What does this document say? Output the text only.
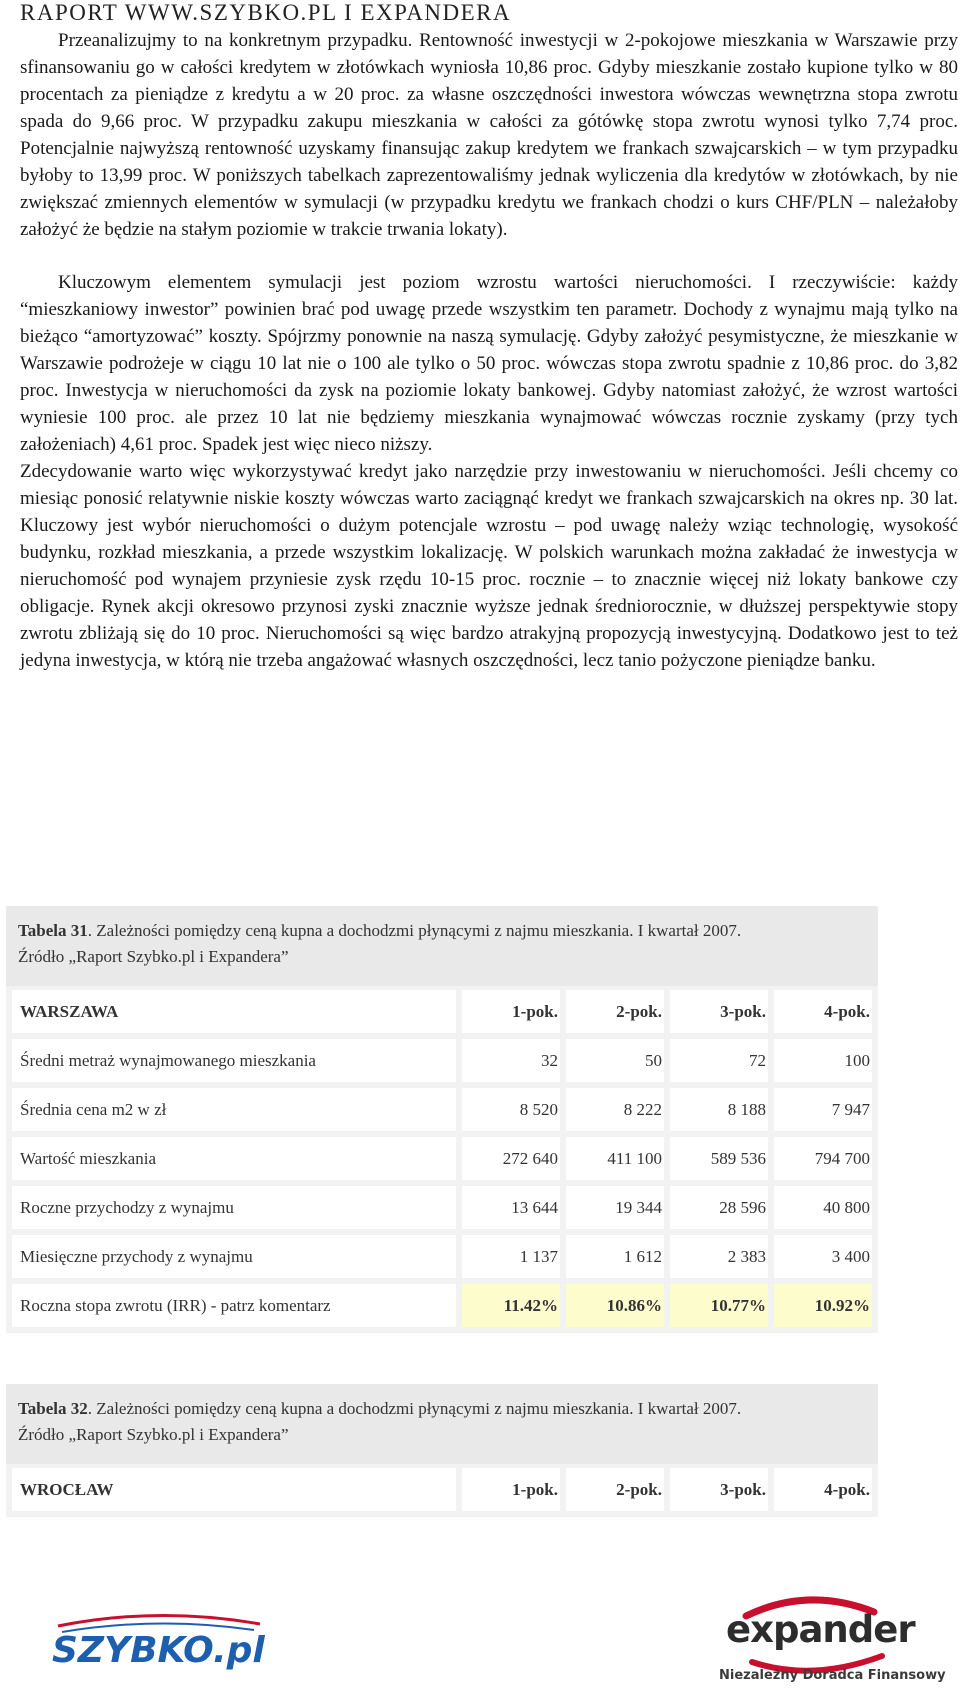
RAPORT WWW.SZYBKO.PL I EXPANDERA

Przeanalizujmy to na konkretnym przypadku. Rentowność inwestycji w 2-pokojowe mieszkania w Warszawie przy sfinansowaniu go w całości kredytem w złotówkach wyniosła 10,86 proc. Gdyby mieszkanie zostało kupione tylko w 80 procentach za pieniądze z kredytu a w 20 proc. za własne oszczędności inwestora wówczas wewnętrzna stopa zwrotu spada do 9,66 proc. W przypadku zakupu mieszkania w całości za gótówkę stopa zwrotu wynosi tylko 7,74 proc. Potencjalnie najwyższą rentowność uzyskamy finansując zakup kredytem we frankach szwajcarskich – w tym przypadku byłoby to 13,99 proc. W poniższych tabelkach zaprezentowaliśmy jednak wyliczenia dla kredytów w złotówkach, by nie zwiększać zmiennych elementów w symulacji (w przypadku kredytu we frankach chodzi o kurs CHF/PLN – należałoby założyć że będzie na stałym poziomie w trakcie trwania lokaty).

Kluczowym elementem symulacji jest poziom wzrostu wartości nieruchomości. I rzeczywiście: każdy “mieszkaniowy inwestor” powinien brać pod uwagę przede wszystkim ten parametr. Dochody z wynajmu mają tylko na bieżąco “amortyzować” koszty. Spójrzmy ponownie na naszą symulację. Gdyby założyć pesymistyczne, że mieszkanie w Warszawie podrożeje w ciągu 10 lat nie o 100 ale tylko o 50 proc. wówczas stopa zwrotu spadnie z 10,86 proc. do 3,82 proc. Inwestycja w nieruchomości da zysk na poziomie lokaty bankowej. Gdyby natomiast założyć, że wzrost wartości wyniesie 100 proc. ale przez 10 lat nie będziemy mieszkania wynajmować wówczas rocznie zyskamy (przy tych założeniach) 4,61 proc. Spadek jest więc nieco niższy.

Zdecydowanie warto więc wykorzystywać kredyt jako narzędzie przy inwestowaniu w nieruchomości. Jeśli chcemy co miesiąc ponosić relatywnie niskie koszty wówczas warto zaciągnąć kredyt we frankach szwajcarskich na okres np. 30 lat. Kluczowy jest wybór nieruchomości o dużym potencjale wzrostu – pod uwagę należy wziąc technologię, wysokość budynku, rozkład mieszkania, a przede wszystkim lokalizację. W polskich warunkach można zakładać że inwestycja w nieruchomość pod wynajem przyniesie zysk rzędu 10-15 proc. rocznie – to znacznie więcej niż lokaty bankowe czy obligacje. Rynek akcji okresowo przynosi zyski znacznie wyższe jednak średniorocznie, w dłuższej perspektywie stopy zwrotu zbliżają się do 10 proc. Nieruchomości są więc bardzo atrakyjną propozycją inwestycyjną. Dodatkowo jest to też jedyna inwestycja, w którą nie trzeba angażować własnych oszczędności, lecz tanio pożyczone pieniądze banku.

Tabela 31. Zależności pomiędzy ceną kupna a dochodzmi płynącymi z najmu mieszkania. I kwartał 2007.
Źródło „Raport Szybko.pl i Expandera”
WARSZAWA	1-pok.	2-pok.	3-pok.	4-pok.
Średni metraż wynajmowanego mieszkania	32	50	72	100
Średnia cena m2 w zł	8 520	8 222	8 188	7 947
Wartość mieszkania	272 640	411 100	589 536	794 700
Roczne przychodzy z wynajmu	13 644	19 344	28 596	40 800
Miesięczne przychody z wynajmu	1 137	1 612	2 383	3 400
Roczna stopa zwrotu (IRR) - patrz komentarz	11.42%	10.86%	10.77%	10.92%
Tabela 32. Zależności pomiędzy ceną kupna a dochodzmi płynącymi z najmu mieszkania. I kwartał 2007.
Źródło „Raport Szybko.pl i Expandera”
WROCŁAW	1-pok.	2-pok.	3-pok.	4-pok.
SZYBKO.pl	expander
Niezależny Doradca Finansowy
